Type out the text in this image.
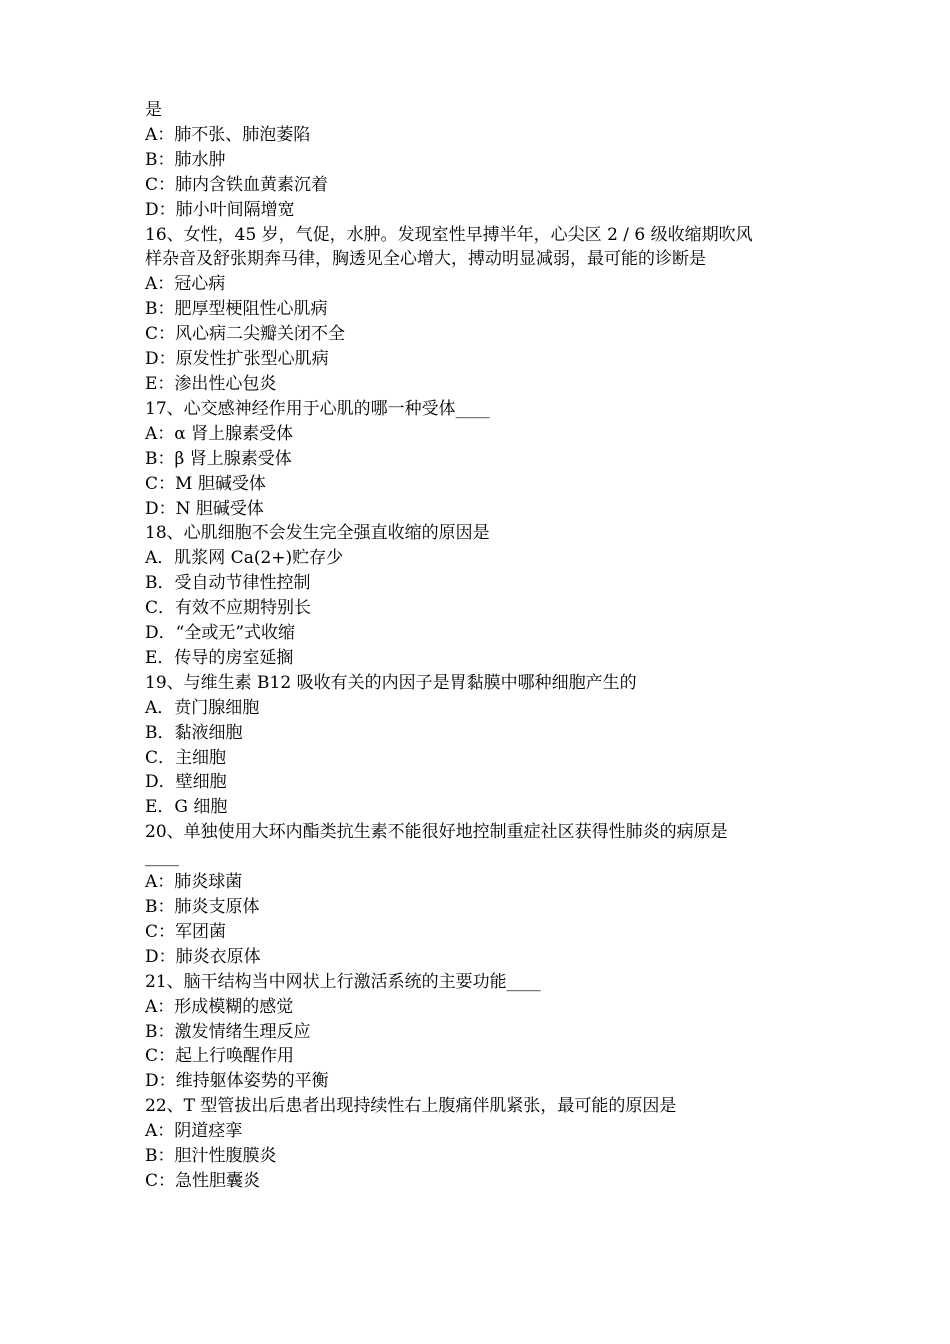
是

A：肺不张、肺泡萎陷

B：肺水肿

C：肺内含铁血黄素沉着

D：肺小叶间隔增宽

16、女性，45 岁，气促，水肿。发现室性早搏半年，心尖区 2 / 6 级收缩期吹风

样杂音及舒张期奔马律，胸透见全心增大，搏动明显减弱，最可能的诊断是

A：冠心病

B：肥厚型梗阻性心肌病

C：风心病二尖瓣关闭不全

D：原发性扩张型心肌病

E：渗出性心包炎

17、心交感神经作用于心肌的哪一种受体____

A：α 肾上腺素受体

B：β 肾上腺素受体

C：M 胆碱受体

D：N 胆碱受体

18、心肌细胞不会发生完全强直收缩的原因是

A．肌浆网 Ca(2+)贮存少

B．受自动节律性控制

C．有效不应期特别长

D．“全或无”式收缩

E．传导的房室延搁

19、与维生素 B12 吸收有关的内因子是胃黏膜中哪种细胞产生的

A．贲门腺细胞

B．黏液细胞

C．主细胞

D．壁细胞

E．G 细胞

20、单独使用大环内酯类抗生素不能很好地控制重症社区获得性肺炎的病原是

____

A：肺炎球菌

B：肺炎支原体

C：军团菌

D：肺炎衣原体

21、脑干结构当中网状上行激活系统的主要功能____

A：形成模糊的感觉

B：激发情绪生理反应

C：起上行唤醒作用

D：维持躯体姿势的平衡

22、T 型管拔出后患者出现持续性右上腹痛伴肌紧张，最可能的原因是

A：阴道痉挛

B：胆汁性腹膜炎

C：急性胆囊炎
